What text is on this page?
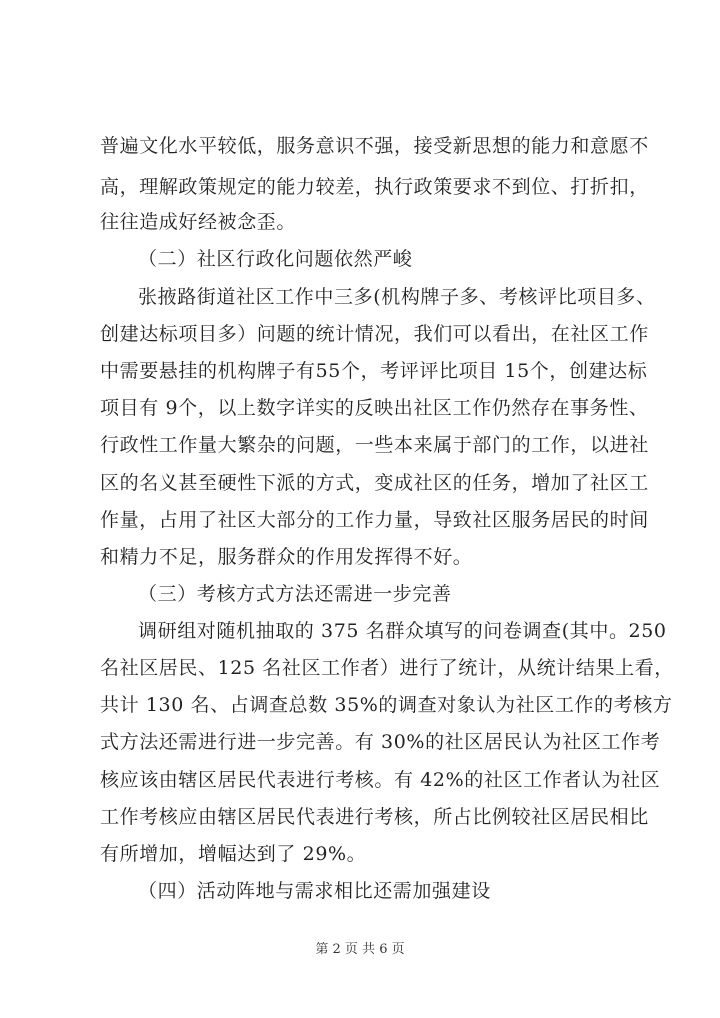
普遍文化水平较低，服务意识不强，接受新思想的能力和意愿不
高，理解政策规定的能力较差，执行政策要求不到位、打折扣，
往往造成好经被念歪。
（二）社区行政化问题依然严峻
张掖路街道社区工作中三多(机构牌子多、考核评比项目多、
创建达标项目多）问题的统计情况，我们可以看出，在社区工作
中需要悬挂的机构牌子有55个，考评评比项目 15个，创建达标
项目有 9个，以上数字详实的反映出社区工作仍然存在事务性、
行政性工作量大繁杂的问题，一些本来属于部门的工作，以进社
区的名义甚至硬性下派的方式，变成社区的任务，增加了社区工
作量，占用了社区大部分的工作力量，导致社区服务居民的时间
和精力不足，服务群众的作用发挥得不好。
（三）考核方式方法还需进一步完善
调研组对随机抽取的 375 名群众填写的问卷调查(其中。250
名社区居民、125 名社区工作者）进行了统计，从统计结果上看，
共计 130 名、占调查总数 35%的调查对象认为社区工作的考核方
式方法还需进行进一步完善。有 30%的社区居民认为社区工作考
核应该由辖区居民代表进行考核。有 42%的社区工作者认为社区
工作考核应由辖区居民代表进行考核，所占比例较社区居民相比
有所增加，增幅达到了 29%。
（四）活动阵地与需求相比还需加强建设
第 2 页 共 6 页
